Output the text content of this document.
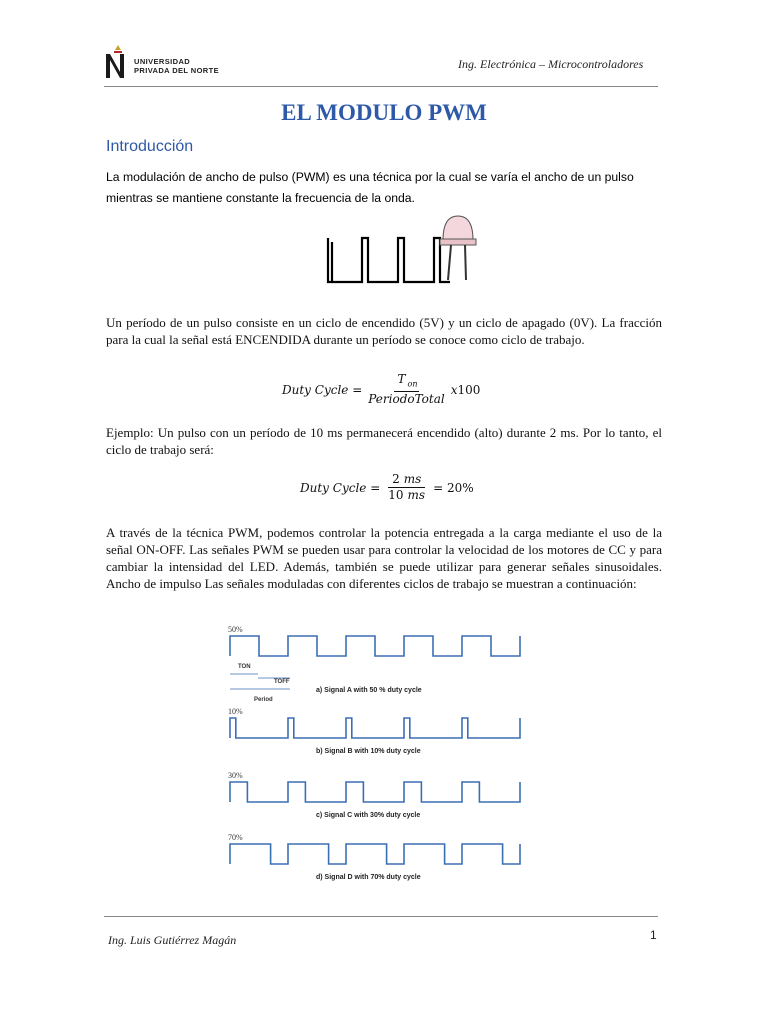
UNIVERSIDAD
PRIVADA DEL NORTE	Ing. Electrónica – Microcontroladores
EL MODULO PWM
Introducción
La modulación de ancho de pulso (PWM) es una técnica por la cual se varía el ancho de un pulso mientras se mantiene constante la frecuencia de la onda.
Un período de un pulso consiste en un ciclo de encendido (5V) y un ciclo de apagado (0V). La fracción para la cual la señal está ENCENDIDA durante un período se conoce como ciclo de trabajo.
Duty Cycle = $\frac{T _{on}}{\text{PeriodoTotal}}$ x 100
Ejemplo: Un pulso con un período de 10 ms permanecerá encendido (alto) durante 2 ms. Por lo tanto, el ciclo de trabajo será:
Duty Cycle = $\frac{2 ms}{10 ms} = 20\%$
A través de la técnica PWM, podemos controlar la potencia entregada a la carga mediante el uso de la señal ON-OFF. Las señales PWM se pueden usar para controlar la velocidad de los motores de CC y para cambiar la intensidad del LED. Además, también se puede utilizar para generar señales sinusoidales. Ancho de impulso Las señales moduladas con diferentes ciclos de trabajo se muestran a continuación:
50%
a) Signal A with 50 % duty cycle
10%
b) Signal B with 10% duty cycle
30%
c) Signal C with 30% duty cycle
70%
d) Signal D with 70% duty cycle
TON
TOFF
Period
Ing. Luis Gutiérrez Magán	1
